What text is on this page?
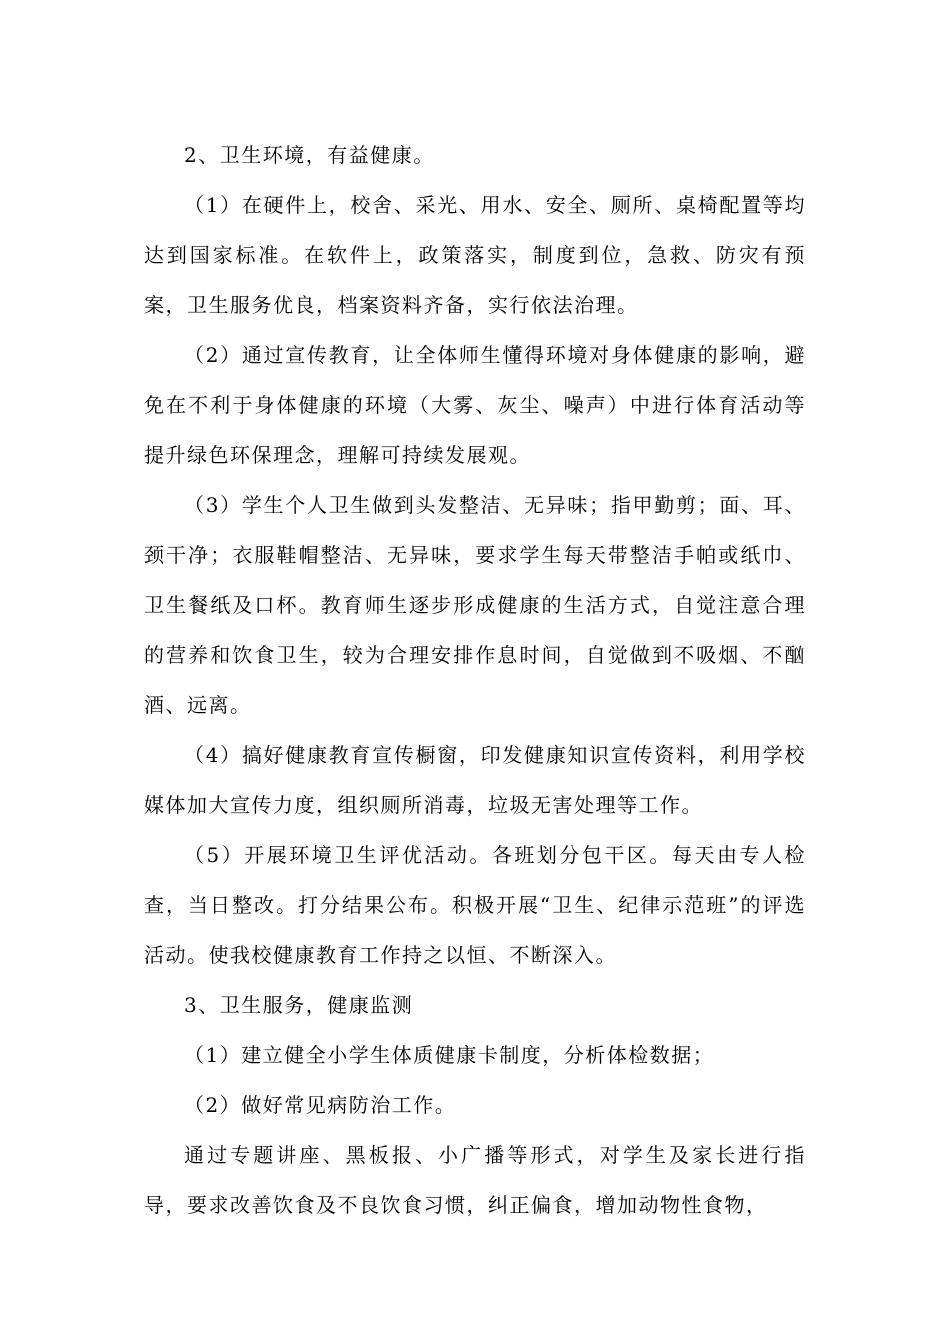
2、卫生环境，有益健康。

（1）在硬件上，校舍、采光、用水、安全、厕所、桌椅配置等均达到国家标准。在软件上，政策落实，制度到位，急救、防灾有预案，卫生服务优良，档案资料齐备，实行依法治理。

（2）通过宣传教育，让全体师生懂得环境对身体健康的影响，避免在不利于身体健康的环境（大雾、灰尘、噪声）中进行体育活动等提升绿色环保理念，理解可持续发展观。

（3）学生个人卫生做到头发整洁、无异味；指甲勤剪；面、耳、颈干净；衣服鞋帽整洁、无异味，要求学生每天带整洁手帕或纸巾、卫生餐纸及口杯。教育师生逐步形成健康的生活方式，自觉注意合理的营养和饮食卫生，较为合理安排作息时间，自觉做到不吸烟、不酗酒、远离。

（4）搞好健康教育宣传橱窗，印发健康知识宣传资料，利用学校媒体加大宣传力度，组织厕所消毒，垃圾无害处理等工作。

（5）开展环境卫生评优活动。各班划分包干区。每天由专人检查，当日整改。打分结果公布。积极开展“卫生、纪律示范班”的评选活动。使我校健康教育工作持之以恒、不断深入。

3、卫生服务，健康监测

（1）建立健全小学生体质健康卡制度，分析体检数据；

（2）做好常见病防治工作。

通过专题讲座、黑板报、小广播等形式，对学生及家长进行指导，要求改善饮食及不良饮食习惯，纠正偏食，增加动物性食物，
